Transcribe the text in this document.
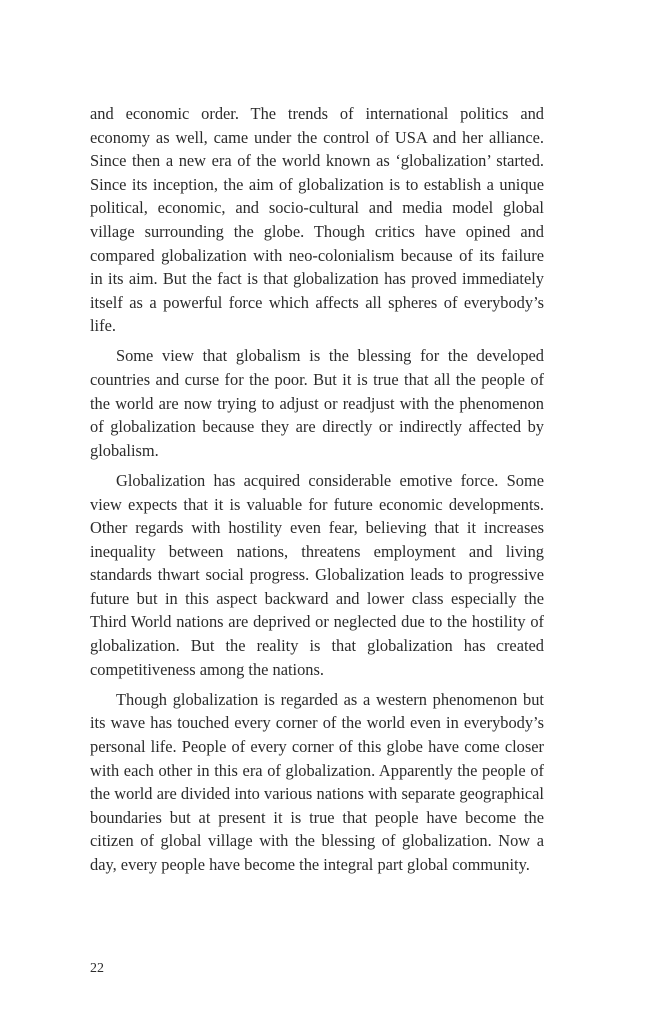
and economic order. The trends of international politics and economy as well, came under the control of USA and her alliance. Since then a new era of the world known as ‘globalization’ started. Since its inception, the aim of globalization is to establish a unique political, economic, and socio-cultural and media model global village surrounding the globe. Though critics have opined and compared globalization with neo-colonialism because of its failure in its aim. But the fact is that globalization has proved immediately itself as a powerful force which affects all spheres of everybody’s life.

Some view that globalism is the blessing for the developed countries and curse for the poor. But it is true that all the people of the world are now trying to adjust or readjust with the phenomenon of globalization because they are directly or indirectly affected by globalism.

Globalization has acquired considerable emotive force. Some view expects that it is valuable for future economic developments. Other regards with hostility even fear, believing that it increases inequality between nations, threatens employment and living standards thwart social progress. Globalization leads to progressive future but in this aspect backward and lower class especially the Third World nations are deprived or neglected due to the hostility of globalization. But the reality is that globalization has created competitiveness among the nations.

Though globalization is regarded as a western phenomenon but its wave has touched every corner of the world even in everybody’s personal life. People of every corner of this globe have come closer with each other in this era of globalization. Apparently the people of the world are divided into various nations with separate geographical boundaries but at present it is true that people have become the citizen of global village with the blessing of globalization. Now a day, every people have become the integral part global community.

22
